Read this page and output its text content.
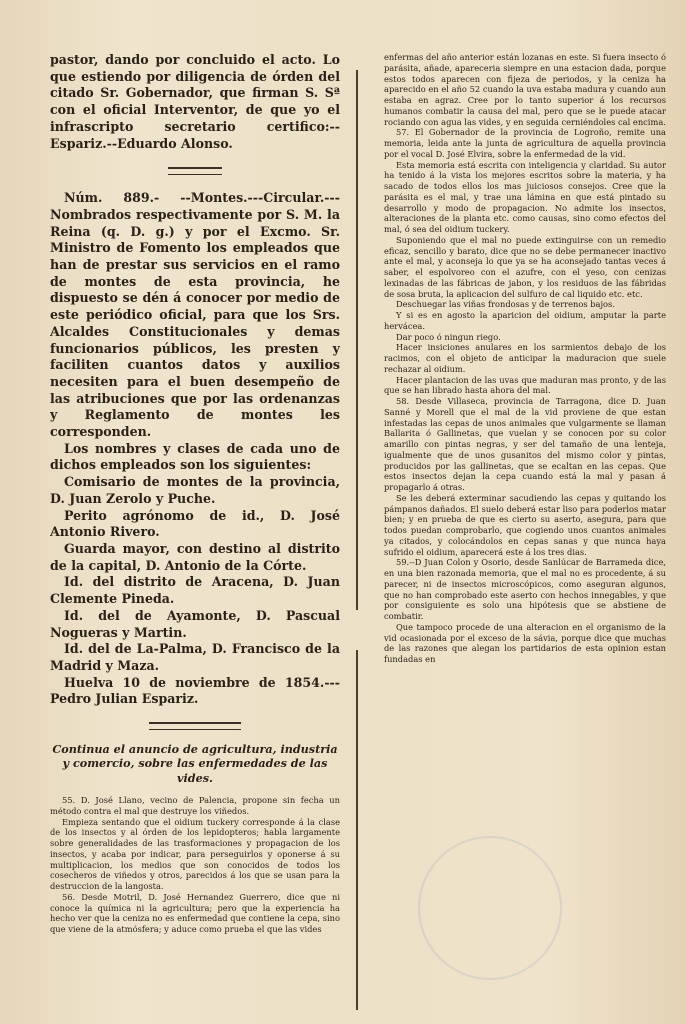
pastor, dando por concluido el acto. Lo que estiendo por diligencia de órden del citado Sr. Gobernador, que firman S. Sª con el oficial Interventor, de que yo el infrascripto secretario certifico:--Espariz.--Eduardo Alonso.

Núm. 889.- --Montes.---Circular.---Nombrados respectivamente por S. M. la Reina (q. D. g.) y por el Excmo. Sr. Ministro de Fomento los empleados que han de prestar sus servicios en el ramo de montes de esta provincia, he dispuesto se dén á conocer por medio de este periódico oficial, para que los Srs. Alcaldes Constitucionales y demas funcionarios públicos, les presten y faciliten cuantos datos y auxilios necesiten para el buen desempeño de las atribuciones que por las ordenanzas y Reglamento de montes les corresponden.

Los nombres y clases de cada uno de dichos empleados son los siguientes:

Comisario de montes de la provincia, D. Juan Zerolo y Puche.

Perito agrónomo de id., D. José Antonio Rivero.

Guarda mayor, con destino al distrito de la capital, D. Antonio de la Córte.

Id. del distrito de Aracena, D. Juan Clemente Pineda.

Id. del de Ayamonte, D. Pascual Nogueras y Martin.

Id. del de La-Palma, D. Francisco de la Madrid y Maza.

Huelva 10 de noviembre de 1854.---Pedro Julian Espariz.

Continua el anuncio de agricultura, industria y comercio, sobre las enfermedades de las vides.

55. D. José Llano, vecino de Palencia, propone sin fecha un método contra el mal que destruye los viñedos.

Empieza sentando que el oidium tuckery corresponde á la clase de los insectos y al órden de los lepidopteros; habla largamente sobre generalidades de las trasformaciones y propagacion de los insectos, y acaba por indicar, para perseguirlos y oponerse á su multiplicacion, los medios que son conocidos de todos los cosecheros de viñedos y otros, parecidos á los que se usan para la destruccion de la langosta.

56. Desde Motril, D. José Hernandez Guerrero, dice que ni conoce la química ni la agricultura; pero que la experiencia ha hecho ver que la ceniza no es enfermedad que contiene la cepa, sino que viene de la atmósfera; y aduce como prueba el que las vides

enfermas del año anterior están lozanas en este. Si fuera insecto ó parásita, añade, apareceria siempre en una estacion dada, porque estos todos aparecen con fijeza de periodos, y la ceniza ha aparecido en el año 52 cuando la uva estaba madura y cuando aun estaba en agraz. Cree por lo tanto superior á los recursos humanos combatir la causa del mal, pero que se le puede atacar rociando con agua las vides, y en seguida cerniéndoles cal encima.

57. El Gobernador de la provincia de Logroño, remite una memoria, leida ante la junta de agricultura de aquella provincia por el vocal D. José Elvira, sobre la enfermedad de la vid.

Esta memoria está escrita con inteligencia y claridad. Su autor ha tenido á la vista los mejores escritos sobre la materia, y ha sacado de todos ellos los mas juiciosos consejos. Cree que la parásita es el mal, y trae una lámina en que está pintado su desarrollo y modo de propagacion. No admite los insectos, alteraciones de la planta etc. como causas, sino como efectos del mal, ó sea del oidium tuckery.

Suponiendo que el mal no puede extinguirse con un remedio eficaz, sencillo y barato, dice que no se debe permanecer inactivo ante el mal, y aconseja lo que ya se ha aconsejado tantas veces á saber, el espolvoreo con el azufre, con el yeso, con cenizas lexinadas de las fábricas de jabon, y los residuos de las fábridas de sosa bruta, la aplicacion del sulfuro de cal liquido etc. etc.

Deschuegar las viñas frondosas y de terrenos bajos.

Y si es en agosto la aparicion del oidium, amputar la parte hervácea.

Dar poco ó ningun riego.

Hacer insiciones anulares en los sarmientos debajo de los racimos, con el objeto de anticipar la maduracion que suele rechazar al oidium.

Hacer plantacion de las uvas que maduran mas pronto, y de las que se han librado hasta ahora del mal.

58. Desde Villaseca, provincia de Tarragona, dice D. Juan Sanné y Morell que el mal de la vid proviene de que estan infestadas las cepas de unos animales que vulgarmente se llaman Ballarita ó Gallinetas, que vuelan y se conocen por su color amarillo con pintas negras, y ser del tamaño de una lenteja, igualmente que de unos gusanitos del mismo color y pintas, producidos por las gallinetas, que se ecaltan en las cepas. Que estos insectos dejan la cepa cuando está la mal y pasan á propagarlo á otras.

Se les deberá exterminar sacudiendo las cepas y quitando los pámpanos dañados. El suelo deberá estar liso para poderlos matar bien; y en prueba de que es cierto su aserto, asegura, para que todos puedan comprobarlo, que cogiendo unos cuantos animales ya citados, y colocándolos en cepas sanas y que nunca haya sufrido el oidium, aparecerá este á los tres dias.

59.--D Juan Colon y Osorio, desde Sanlúcar de Barrameda dice, en una bien razonada memoria, que el mal no es procedente, á su parecer, ni de insectos microscópicos, como aseguran algunos, que no han comprobado este aserto con hechos innegables, y que por consiguiente es solo una hipótesis que se abstiene de combatir.

Que tampoco procede de una alteracion en el organismo de la vid ocasionada por el exceso de la sávia, porque dice que muchas de las razones que alegan los partidarios de esta opinion estan fundadas en
